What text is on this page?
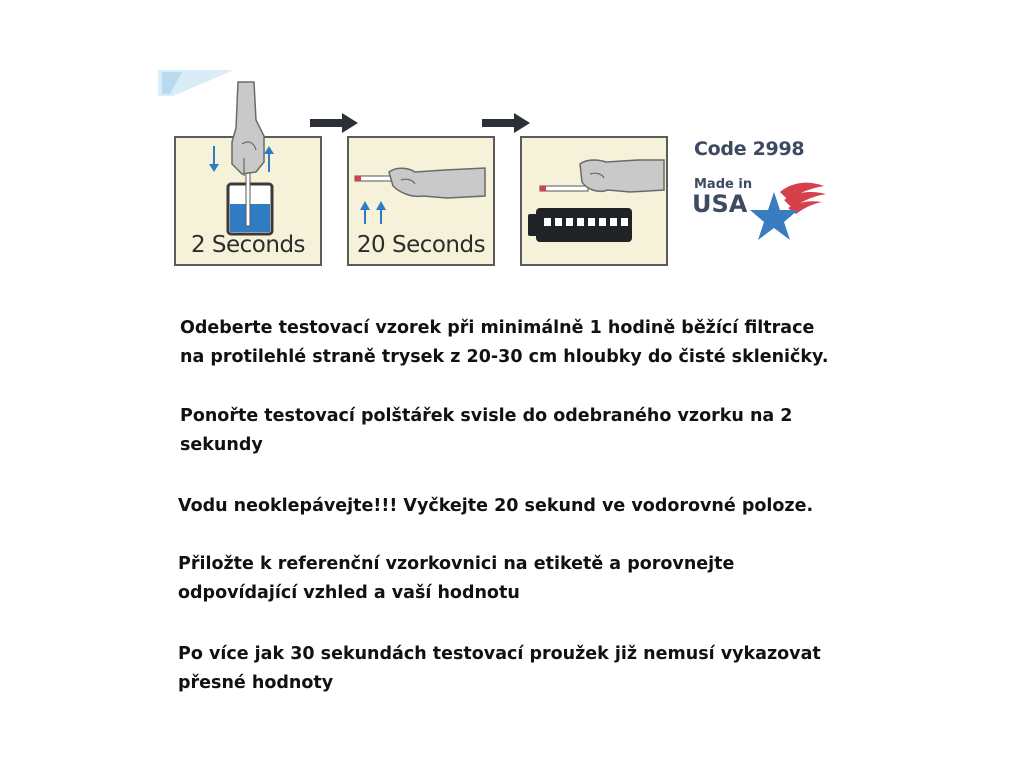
2 Seconds	20 Seconds
Code 2998
Made in
USA
Odeberte testovací vzorek při minimálně 1 hodině běžící filtrace
na protilehlé straně trysek z 20-30 cm hloubky do čisté skleničky.
Ponořte testovací polštářek svisle do odebraného vzorku na 2
sekundy
Vodu neoklepávejte!!! Vyčkejte 20 sekund ve vodorovné poloze.
Přiložte k referenční vzorkovnici na etiketě a porovnejte
odpovídající vzhled a vaší hodnotu
Po více jak 30 sekundách testovací proužek již nemusí vykazovat
přesné hodnoty
